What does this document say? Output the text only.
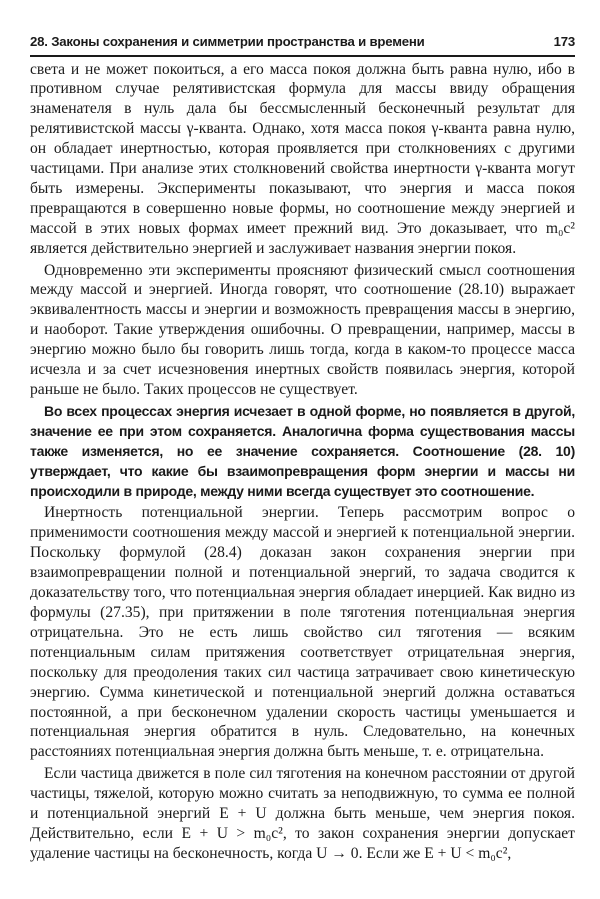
28. Законы сохранения и симметрии пространства и времени	173

света и не может покоиться, а его масса покоя должна быть равна нулю, ибо в противном случае релятивистская формула для массы ввиду обращения знаменателя в нуль дала бы бессмысленный бесконечный результат для релятивистской массы γ-кванта. Однако, хотя масса покоя γ-кванта равна нулю, он обладает инертностью, которая проявляется при столкновениях с другими частицами. При анализе этих столкновений свойства инертности γ-кванта могут быть измерены. Эксперименты показывают, что энергия и масса покоя превращаются в совершенно новые формы, но соотношение между энергией и массой в этих новых формах имеет прежний вид. Это доказывает, что m₀c² является действительно энергией и заслуживает названия энергии покоя.

Одновременно эти эксперименты проясняют физический смысл соотношения между массой и энергией. Иногда говорят, что соотношение (28.10) выражает эквивалентность массы и энергии и возможность превращения массы в энергию, и наоборот. Такие утверждения ошибочны. О превращении, например, массы в энергию можно было бы говорить лишь тогда, когда в каком-то процессе масса исчезла и за счет исчезновения инертных свойств появилась энергия, которой раньше не было. Таких процессов не существует.

Во всех процессах энергия исчезает в одной форме, но появляется в другой, значение ее при этом сохраняется. Аналогична форма существования массы также изменяется, но ее значение сохраняется. Соотношение (28. 10) утверждает, что какие бы взаимопревращения форм энергии и массы ни происходили в природе, между ними всегда существует это соотношение.

Инертность потенциальной энергии. Теперь рассмотрим вопрос о применимости соотношения между массой и энергией к потенциальной энергии. Поскольку формулой (28.4) доказан закон сохранения энергии при взаимопревращении полной и потенциальной энергий, то задача сводится к доказательству того, что потенциальная энергия обладает инерцией. Как видно из формулы (27.35), при притяжении в поле тяготения потенциальная энергия отрицательна. Это не есть лишь свойство сил тяготения — всяким потенциальным силам притяжения соответствует отрицательная энергия, поскольку для преодоления таких сил частица затрачивает свою кинетическую энергию. Сумма кинетической и потенциальной энергий должна оставаться постоянной, а при бесконечном удалении скорость частицы уменьшается и потенциальная энергия обратится в нуль. Следовательно, на конечных расстояниях потенциальная энергия должна быть меньше, т. е. отрицательна.

Если частица движется в поле сил тяготения на конечном расстоянии от другой частицы, тяжелой, которую можно считать за неподвижную, то сумма ее полной и потенциальной энергий E + U должна быть меньше, чем энергия покоя. Действительно, если E + U > m₀c², то закон сохранения энергии допускает удаление частицы на бесконечность, когда U → 0. Если же E + U < m₀c²,
